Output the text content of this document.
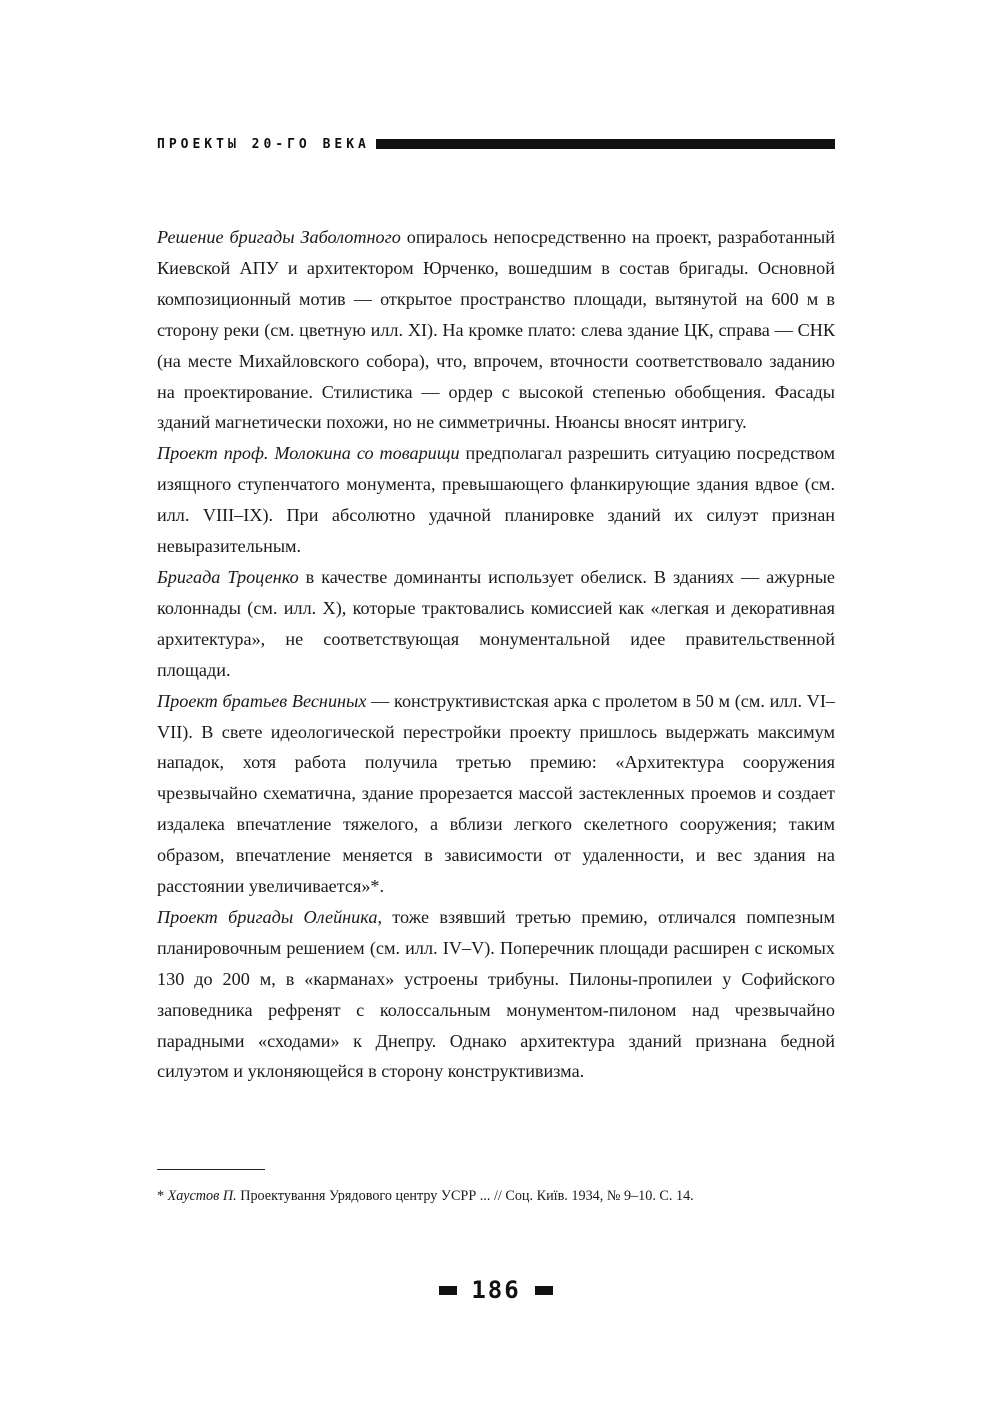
ПРОЕКТЫ 20-ГО ВЕКА

Решение бригады Заболотного опиралось непосредственно на проект, разработанный Киевской АПУ и архитектором Юрченко, вошедшим в состав бригады. Основной композиционный мотив — открытое пространство площади, вытянутой на 600 м в сторону реки (см. цветную илл. XI). На кромке плато: слева здание ЦК, справа — СНК (на месте Михайловского собора), что, впрочем, вточности соответствовало заданию на проектирование. Стилистика — ордер с высокой степенью обобщения. Фасады зданий магнетически похожи, но не симметричны. Нюансы вносят интригу.

Проект проф. Молокина со товарищи предполагал разрешить ситуацию посредством изящного ступенчатого монумента, превышающего фланкирующие здания вдвое (см. илл. VIII–IX). При абсолютно удачной планировке зданий их силуэт признан невыразительным.

Бригада Троценко в качестве доминанты использует обелиск. В зданиях — ажурные колоннады (см. илл. X), которые трактовались комиссией как «легкая и декоративная архитектура», не соответствующая монументальной идее правительственной площади.

Проект братьев Весниных — конструктивистская арка с пролетом в 50 м (см. илл. VI–VII). В свете идеологической перестройки проекту пришлось выдержать максимум нападок, хотя работа получила третью премию: «Архитектура сооружения чрезвычайно схематична, здание прорезается массой застекленных проемов и создает издалека впечатление тяжелого, а вблизи легкого скелетного сооружения; таким образом, впечатление меняется в зависимости от удаленности, и вес здания на расстоянии увеличивается»*.

Проект бригады Олейника, тоже взявший третью премию, отличался помпезным планировочным решением (см. илл. IV–V). Поперечник площади расширен с искомых 130 до 200 м, в «карманах» устроены трибуны. Пилоны-пропилеи у Софийского заповедника рефренят с колоссальным монументом-пилоном над чрезвычайно парадными «сходами» к Днепру. Однако архитектура зданий признана бедной силуэтом и уклоняющейся в сторону конструктивизма.

* Хаустов П. Проектування Урядового центру УСРР ... // Соц. Київ. 1934, № 9–10. С. 14.
186
